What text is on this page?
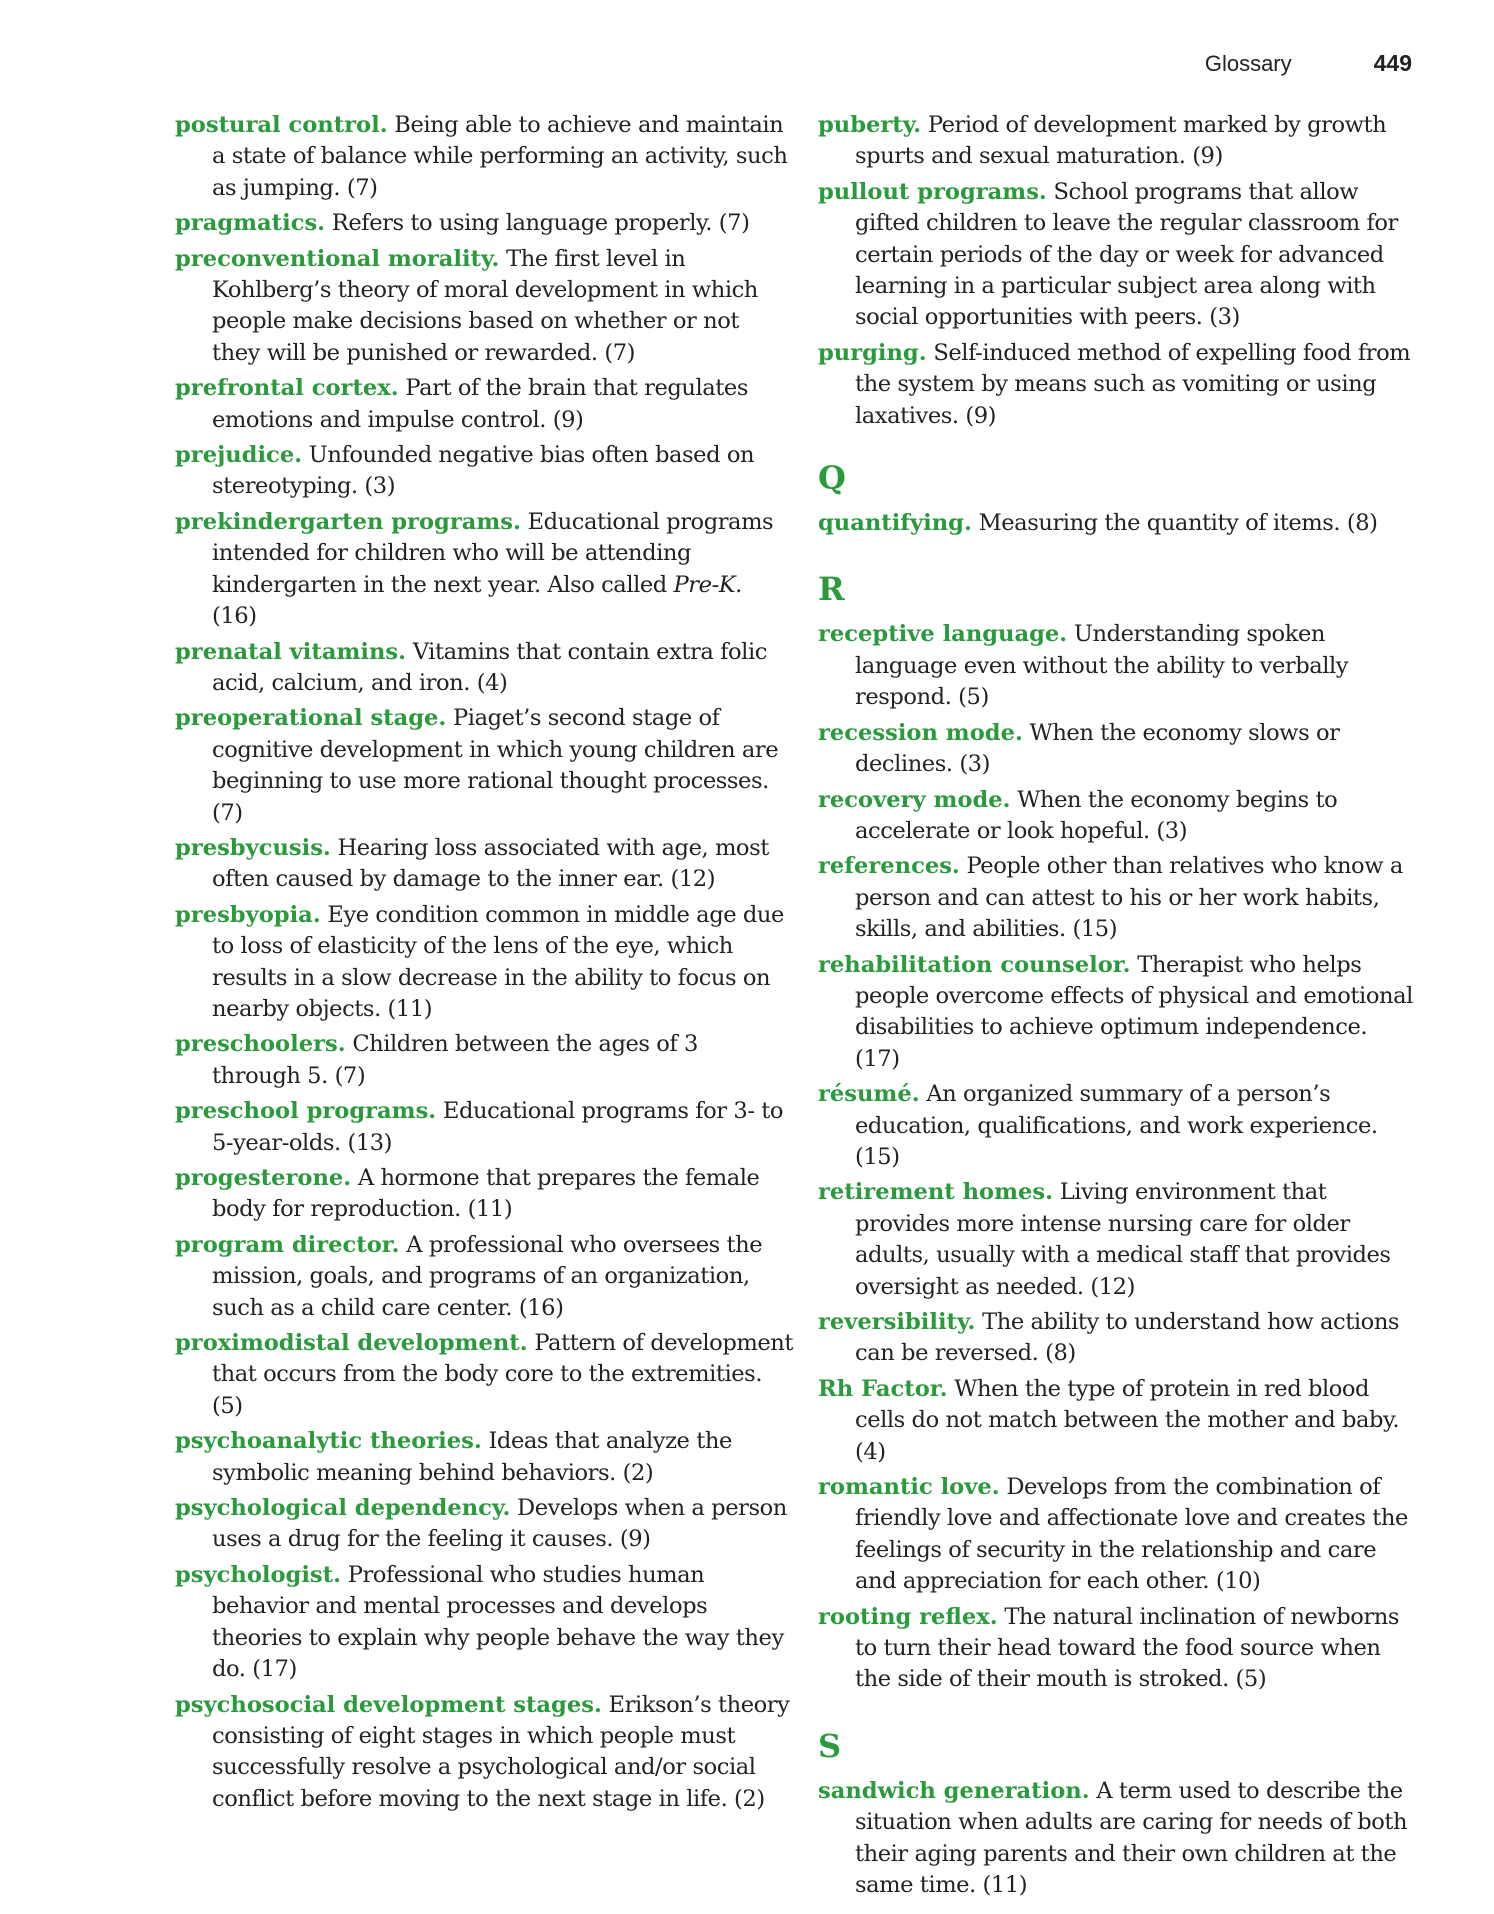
Glossary	449

postural control. Being able to achieve and maintain a state of balance while performing an activity, such as jumping. (7)

pragmatics. Refers to using language properly. (7)

preconventional morality. The first level in Kohlberg’s theory of moral development in which people make decisions based on whether or not they will be punished or rewarded. (7)

prefrontal cortex. Part of the brain that regulates emotions and impulse control. (9)

prejudice. Unfounded negative bias often based on stereotyping. (3)

prekindergarten programs. Educational programs intended for children who will be attending kindergarten in the next year. Also called Pre-K. (16)

prenatal vitamins. Vitamins that contain extra folic acid, calcium, and iron. (4)

preoperational stage. Piaget’s second stage of cognitive development in which young children are beginning to use more rational thought processes. (7)

presbycusis. Hearing loss associated with age, most often caused by damage to the inner ear. (12)

presbyopia. Eye condition common in middle age due to loss of elasticity of the lens of the eye, which results in a slow decrease in the ability to focus on nearby objects. (11)

preschoolers. Children between the ages of 3 through 5. (7)

preschool programs. Educational programs for 3- to 5-year-olds. (13)

progesterone. A hormone that prepares the female body for reproduction. (11)

program director. A professional who oversees the mission, goals, and programs of an organization, such as a child care center. (16)

proximodistal development. Pattern of development that occurs from the body core to the extremities. (5)

psychoanalytic theories. Ideas that analyze the symbolic meaning behind behaviors. (2)

psychological dependency. Develops when a person uses a drug for the feeling it causes. (9)

psychologist. Professional who studies human behavior and mental processes and develops theories to explain why people behave the way they do. (17)

psychosocial development stages. Erikson’s theory consisting of eight stages in which people must successfully resolve a psychological and/or social conflict before moving to the next stage in life. (2)

puberty. Period of development marked by growth spurts and sexual maturation. (9)

pullout programs. School programs that allow gifted children to leave the regular classroom for certain periods of the day or week for advanced learning in a particular subject area along with social opportunities with peers. (3)

purging. Self-induced method of expelling food from the system by means such as vomiting or using laxatives. (9)

Q

quantifying. Measuring the quantity of items. (8)

R

receptive language. Understanding spoken language even without the ability to verbally respond. (5)

recession mode. When the economy slows or declines. (3)

recovery mode. When the economy begins to accelerate or look hopeful. (3)

references. People other than relatives who know a person and can attest to his or her work habits, skills, and abilities. (15)

rehabilitation counselor. Therapist who helps people overcome effects of physical and emotional disabilities to achieve optimum independence. (17)

résumé. An organized summary of a person’s education, qualifications, and work experience. (15)

retirement homes. Living environment that provides more intense nursing care for older adults, usually with a medical staff that provides oversight as needed. (12)

reversibility. The ability to understand how actions can be reversed. (8)

Rh Factor. When the type of protein in red blood cells do not match between the mother and baby. (4)

romantic love. Develops from the combination of friendly love and affectionate love and creates the feelings of security in the relationship and care and appreciation for each other. (10)

rooting reflex. The natural inclination of newborns to turn their head toward the food source when the side of their mouth is stroked. (5)

S

sandwich generation. A term used to describe the situation when adults are caring for needs of both their aging parents and their own children at the same time. (11)
